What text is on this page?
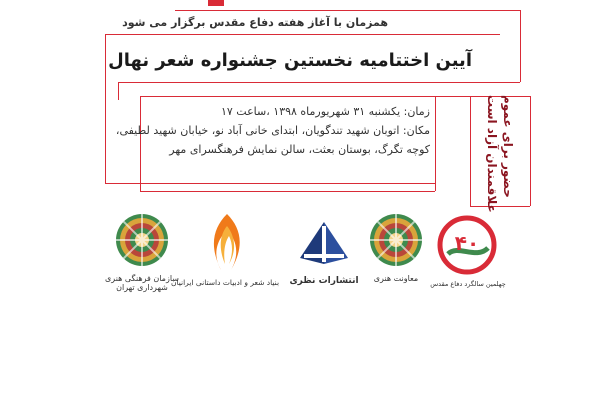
همزمان با آغاز هفته دفاع مقدس برگزار می شود
آیین اختتامیه نخستین جشنواره شعر نهال
زمان: یکشنبه ۳۱ شهریورماه ۱۳۹۸ ،ساعت ۱۷
مکان: اتوبان شهید تندگویان، ابتدای خانی آباد نو، خیابان شهید لطیفی،
کوچه تگرگ، بوستان بعثت، سالن نمایش فرهنگسرای مهر	حضور برای عموم
علاقمندان آزاد است
سازمان فرهنگی هنری شهرداری تهران
بنیاد شعر و ادبیات داستانی ایرانیان	انتشارات نظری	معاونت هنری
۴۰
چهلمین سالگرد دفاع مقدس
